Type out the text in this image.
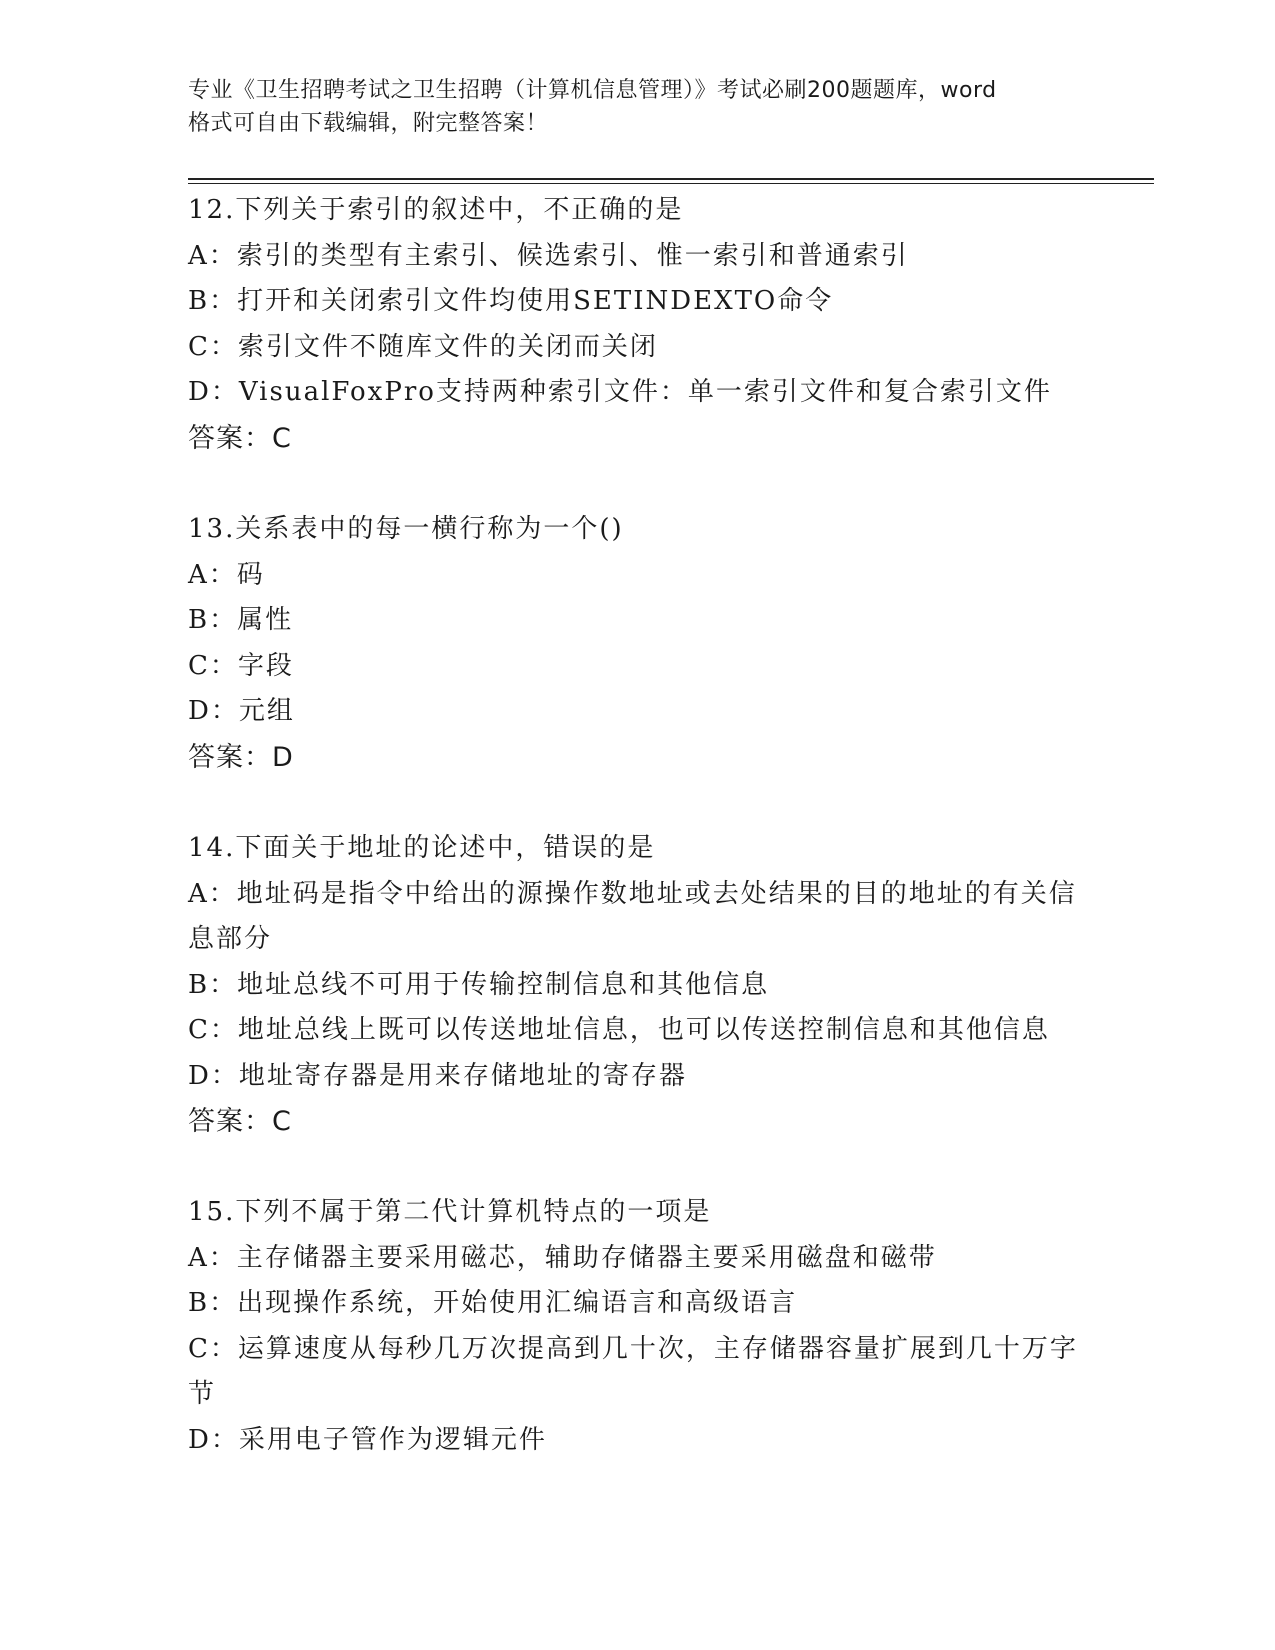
专业《卫生招聘考试之卫生招聘（计算机信息管理）》考试必刷200题题库，word
格式可自由下载编辑，附完整答案！
12.下列关于索引的叙述中，不正确的是
A：索引的类型有主索引、候选索引、惟一索引和普通索引
B：打开和关闭索引文件均使用SETINDEXTO命令
C：索引文件不随库文件的关闭而关闭
D：VisualFoxPro支持两种索引文件：单一索引文件和复合索引文件
答案：C
13.关系表中的每一横行称为一个()
A：码
B：属性
C：字段
D：元组
答案：D
14.下面关于地址的论述中，错误的是
A：地址码是指令中给出的源操作数地址或去处结果的目的地址的有关信息部分
B：地址总线不可用于传输控制信息和其他信息
C：地址总线上既可以传送地址信息，也可以传送控制信息和其他信息
D：地址寄存器是用来存储地址的寄存器
答案：C
15.下列不属于第二代计算机特点的一项是
A：主存储器主要采用磁芯，辅助存储器主要采用磁盘和磁带
B：出现操作系统，开始使用汇编语言和高级语言
C：运算速度从每秒几万次提高到几十次，主存储器容量扩展到几十万字节
D：采用电子管作为逻辑元件
